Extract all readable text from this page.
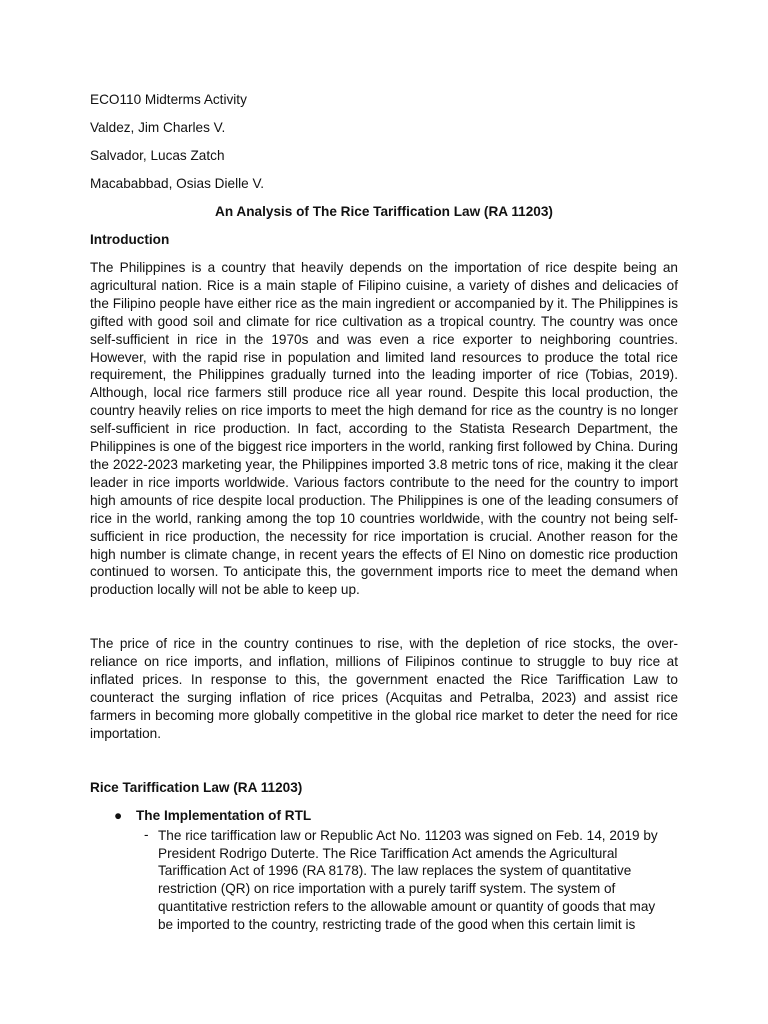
ECO110 Midterms Activity

Valdez, Jim Charles V.

Salvador, Lucas Zatch

Macababbad, Osias Dielle V.

An Analysis of The Rice Tariffication Law (RA 11203)

Introduction

The Philippines is a country that heavily depends on the importation of rice despite being an agricultural nation. Rice is a main staple of Filipino cuisine, a variety of dishes and delicacies of the Filipino people have either rice as the main ingredient or accompanied by it. The Philippines is gifted with good soil and climate for rice cultivation as a tropical country. The country was once self-sufficient in rice in the 1970s and was even a rice exporter to neighboring countries. However, with the rapid rise in population and limited land resources to produce the total rice requirement, the Philippines gradually turned into the leading importer of rice (Tobias, 2019). Although, local rice farmers still produce rice all year round. Despite this local production, the country heavily relies on rice imports to meet the high demand for rice as the country is no longer self-sufficient in rice production. In fact, according to the Statista Research Department, the Philippines is one of the biggest rice importers in the world, ranking first followed by China. During the 2022-2023 marketing year, the Philippines imported 3.8 metric tons of rice, making it the clear leader in rice imports worldwide. Various factors contribute to the need for the country to import high amounts of rice despite local production. The Philippines is one of the leading consumers of rice in the world, ranking among the top 10 countries worldwide, with the country not being self-sufficient in rice production, the necessity for rice importation is crucial. Another reason for the high number is climate change, in recent years the effects of El Nino on domestic rice production continued to worsen. To anticipate this, the government imports rice to meet the demand when production locally will not be able to keep up.

The price of rice in the country continues to rise, with the depletion of rice stocks, the over-reliance on rice imports, and inflation, millions of Filipinos continue to struggle to buy rice at inflated prices. In response to this, the government enacted the Rice Tariffication Law to counteract the surging inflation of rice prices (Acquitas and Petralba, 2023) and assist rice farmers in becoming more globally competitive in the global rice market to deter the need for rice importation.

Rice Tariffication Law (RA 11203)

●	The Implementation of RTL
- The rice tariffication law or Republic Act No. 11203 was signed on Feb. 14, 2019 by President Rodrigo Duterte. The Rice Tariffication Act amends the Agricultural Tariffication Act of 1996 (RA 8178). The law replaces the system of quantitative restriction (QR) on rice importation with a purely tariff system. The system of quantitative restriction refers to the allowable amount or quantity of goods that may be imported to the country, restricting trade of the good when this certain limit is
